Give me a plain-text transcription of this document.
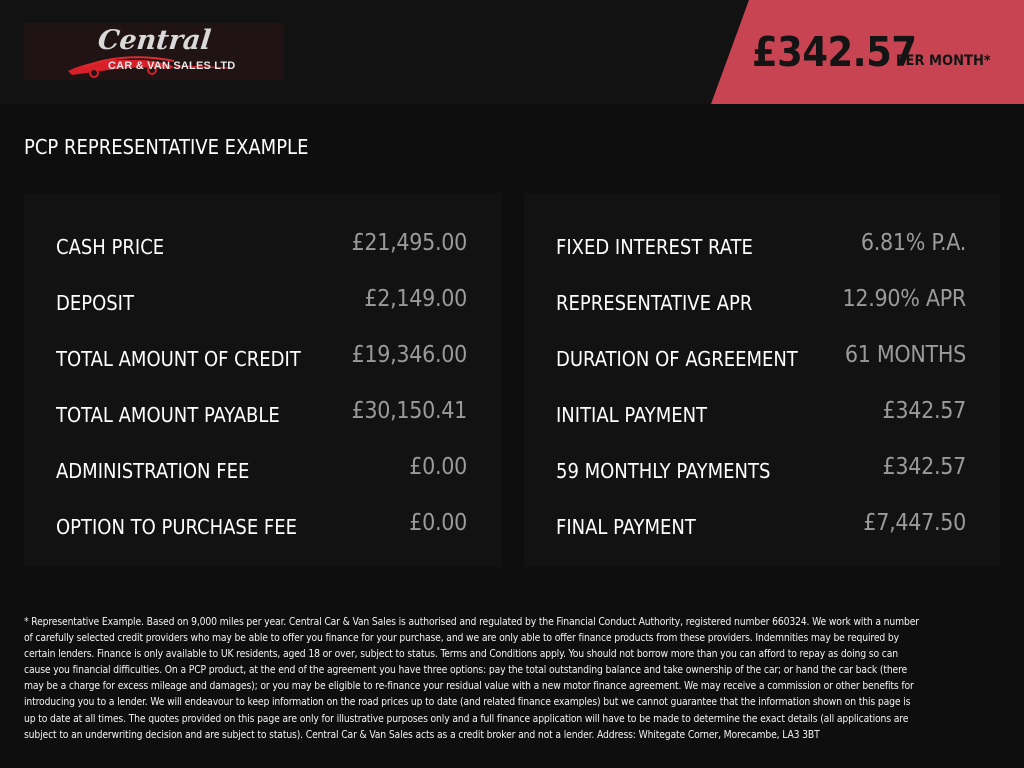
Central
CAR & VAN SALES LTD	£342.57
PER MONTH*
PCP REPRESENTATIVE EXAMPLE
CASH PRICE	£21,495.00
DEPOSIT	£2,149.00
TOTAL AMOUNT OF CREDIT £19,346.00
TOTAL AMOUNT PAYABLE	£30,150.41
ADMINISTRATION FEE	£0.00
OPTION TO PURCHASE FEE	£0.00
FIXED INTEREST RATE	6.81% P.A.
REPRESENTATIVE APR	12.90% APR
DURATION OF AGREEMENT 61 MONTHS
INITIAL PAYMENT	£342.57
59 MONTHLY PAYMENTS	£342.57
FINAL PAYMENT	£7,447.50
* Representative Example. Based on 9,000 miles per year. Central Car & Van Sales is authorised and regulated by the Financial Conduct Authority, registered number 660324. We work with a number of carefully selected credit providers who may be able to offer you finance for your purchase, and we are only able to offer finance products from these providers. Indemnities may be required by certain lenders. Finance is only available to UK residents, aged 18 or over, subject to status. Terms and Conditions apply. You should not borrow more than you can afford to repay as doing so can cause you financial difficulties. On a PCP product, at the end of the agreement you have three options: pay the total outstanding balance and take ownership of the car; or hand the car back (there may be a charge for excess mileage and damages); or you may be eligible to re-finance your residual value with a new motor finance agreement. We may receive a commission or other benefits for introducing you to a lender. We will endeavour to keep information on the road prices up to date (and related finance examples) but we cannot guarantee that the information shown on this page is up to date at all times. The quotes provided on this page are only for illustrative purposes only and a full finance application will have to be made to determine the exact details (all applications are subject to an underwriting decision and are subject to status). Central Car & Van Sales acts as a credit broker and not a lender. Address: Whitegate Corner, Morecambe, LA3 3BT
